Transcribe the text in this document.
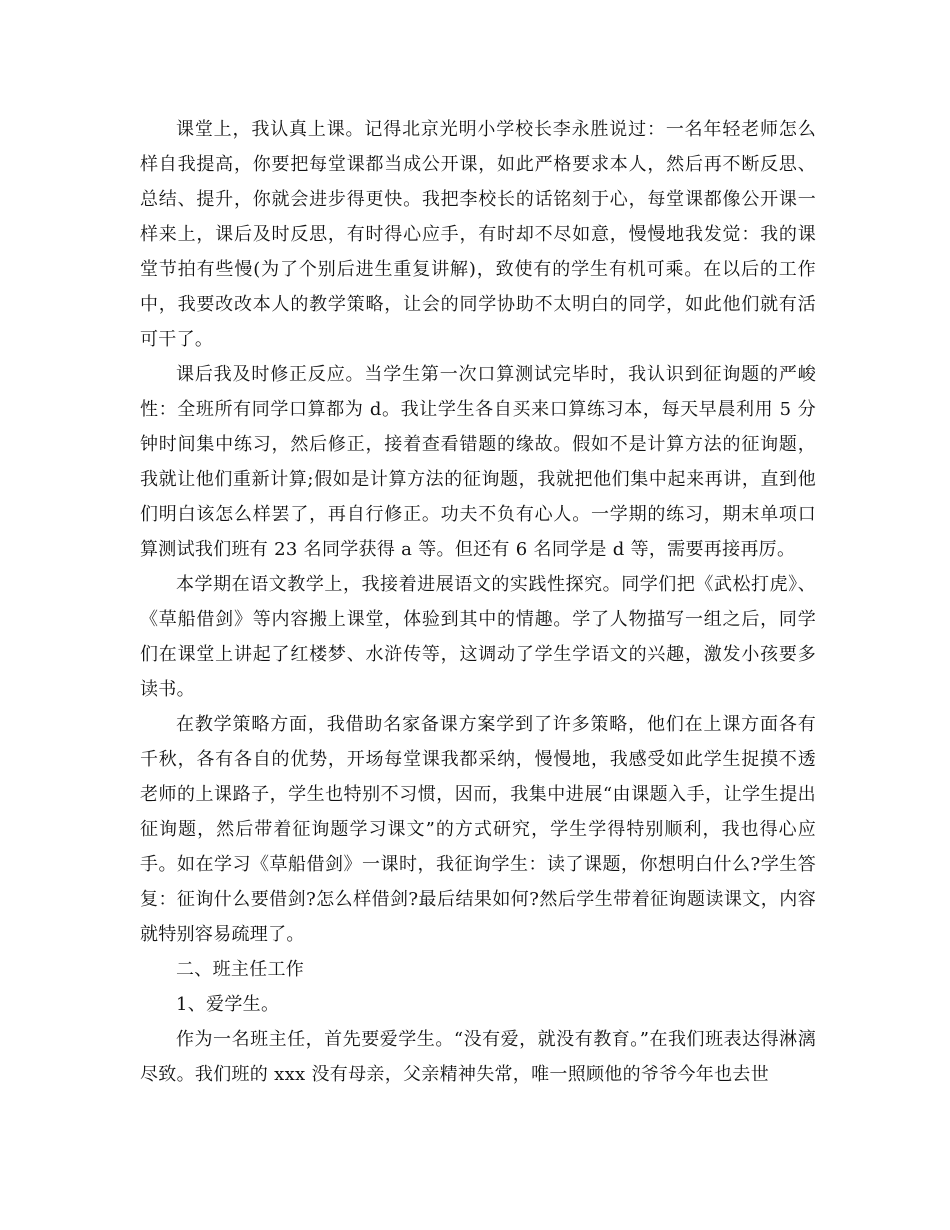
课堂上，我认真上课。记得北京光明小学校长李永胜说过：一名年轻老师怎么样自我提高，你要把每堂课都当成公开课，如此严格要求本人，然后再不断反思、总结、提升，你就会进步得更快。我把李校长的话铭刻于心，每堂课都像公开课一样来上，课后及时反思，有时得心应手，有时却不尽如意，慢慢地我发觉：我的课堂节拍有些慢(为了个别后进生重复讲解)，致使有的学生有机可乘。在以后的工作中，我要改改本人的教学策略，让会的同学协助不太明白的同学，如此他们就有活可干了。

课后我及时修正反应。当学生第一次口算测试完毕时，我认识到征询题的严峻性：全班所有同学口算都为 d。我让学生各自买来口算练习本，每天早晨利用 5 分钟时间集中练习，然后修正，接着查看错题的缘故。假如不是计算方法的征询题，我就让他们重新计算;假如是计算方法的征询题，我就把他们集中起来再讲，直到他们明白该怎么样罢了，再自行修正。功夫不负有心人。一学期的练习，期末单项口算测试我们班有 23 名同学获得 a 等。但还有 6 名同学是 d 等，需要再接再厉。

本学期在语文教学上，我接着进展语文的实践性探究。同学们把《武松打虎》、《草船借剑》等内容搬上课堂，体验到其中的情趣。学了人物描写一组之后，同学们在课堂上讲起了红楼梦、水浒传等，这调动了学生学语文的兴趣，激发小孩要多读书。

在教学策略方面，我借助名家备课方案学到了许多策略，他们在上课方面各有千秋，各有各自的优势，开场每堂课我都采纳，慢慢地，我感受如此学生捉摸不透老师的上课路子，学生也特别不习惯，因而，我集中进展“由课题入手，让学生提出征询题，然后带着征询题学习课文”的方式研究，学生学得特别顺利，我也得心应手。如在学习《草船借剑》一课时，我征询学生：读了课题，你想明白什么?学生答复：征询什么要借剑?怎么样借剑?最后结果如何?然后学生带着征询题读课文，内容就特别容易疏理了。

二、班主任工作

1、爱学生。

作为一名班主任，首先要爱学生。“没有爱，就没有教育。”在我们班表达得淋漓尽致。我们班的 xxx 没有母亲，父亲精神失常，唯一照顾他的爷爷今年也去世
